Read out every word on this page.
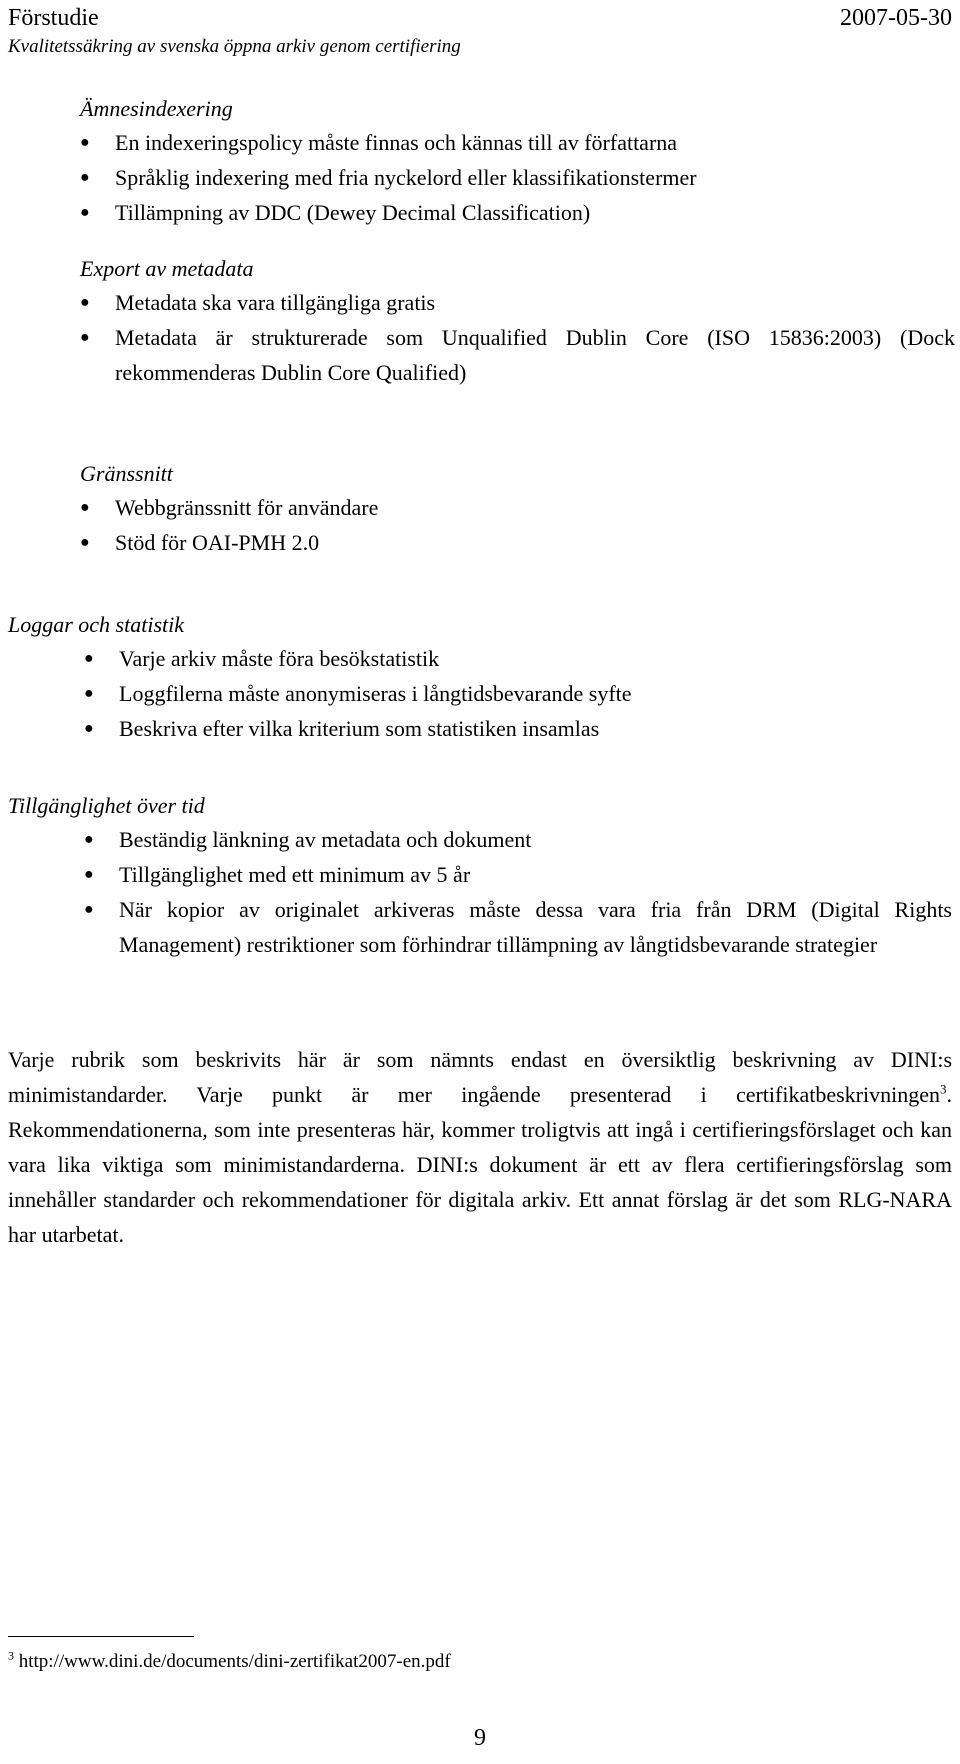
Förstudie	2007-05-30
Kvalitetssäkring av svenska öppna arkiv genom certifiering
Ämnesindexering
●	En indexeringspolicy måste finnas och kännas till av författarna
●	Språklig indexering med fria nyckelord eller klassifikationstermer
●	Tillämpning av DDC (Dewey Decimal Classification)
Export av metadata
●	Metadata ska vara tillgängliga gratis
●	Metadata är strukturerade som Unqualified Dublin Core (ISO 15836:2003) (Dock rekommenderas Dublin Core Qualified)
Gränssnitt
●	Webbgränssnitt för användare
●	Stöd för OAI-PMH 2.0
Loggar och statistik
●	Varje arkiv måste föra besökstatistik
●	Loggfilerna måste anonymiseras i långtidsbevarande syfte
●	Beskriva efter vilka kriterium som statistiken insamlas
Tillgänglighet över tid
●	Beständig länkning av metadata och dokument
●	Tillgänglighet med ett minimum av 5 år
●	När kopior av originalet arkiveras måste dessa vara fria från DRM (Digital Rights Management) restriktioner som förhindrar tillämpning av långtidsbevarande strategier

Varje rubrik som beskrivits här är som nämnts endast en översiktlig beskrivning av DINI:s minimistandarder. Varje punkt är mer ingående presenterad i certifikatbeskrivningen$^3$. Rekommendationerna, som inte presenteras här, kommer troligtvis att ingå i certifieringsförslaget och kan vara lika viktiga som minimistandarderna. DINI:s dokument är ett av flera certifieringsförslag som innehåller standarder och rekommendationer för digitala arkiv. Ett annat förslag är det som RLG-NARA har utarbetat.

$^3$ http://www.dini.de/documents/dini-zertifikat2007-en.pdf
9
